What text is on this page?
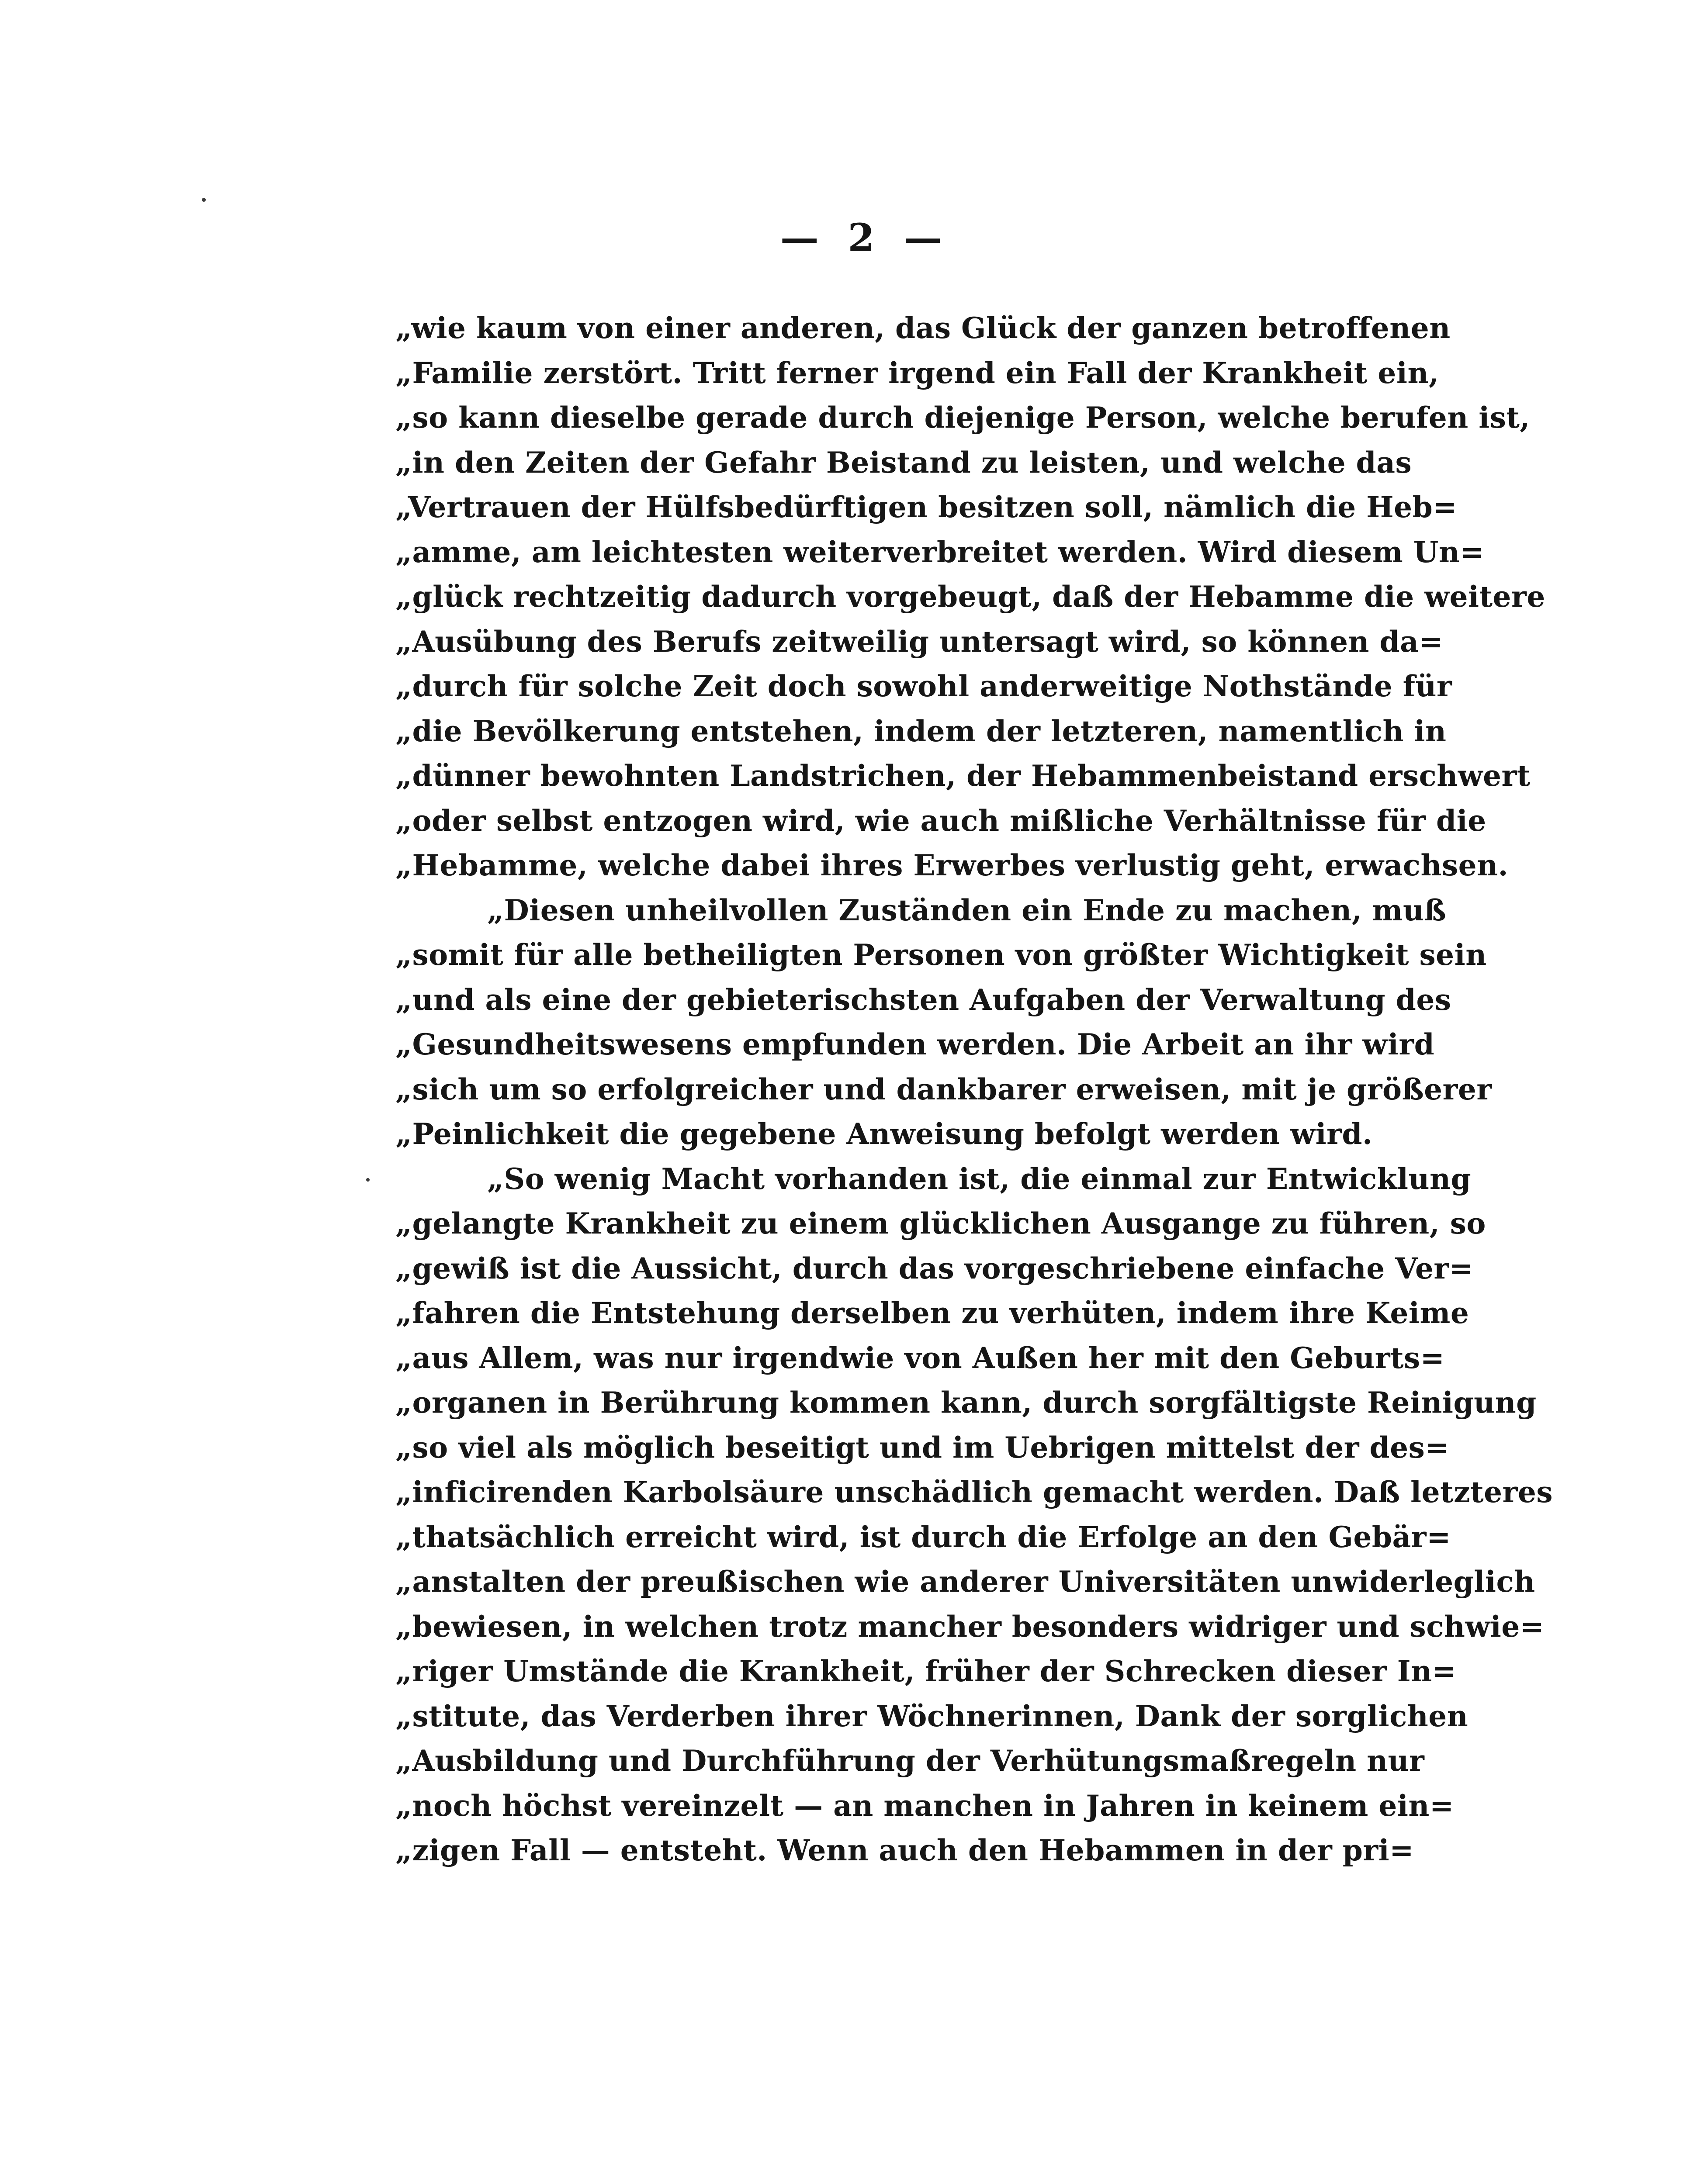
— 2 —
„wie kaum von einer anderen, das Glück der ganzen betroffenen
„Familie zerstört. Tritt ferner irgend ein Fall der Krankheit ein,
„so kann dieselbe gerade durch diejenige Person, welche berufen ist,
„in den Zeiten der Gefahr Beistand zu leisten, und welche das
„Vertrauen der Hülfsbedürftigen besitzen soll, nämlich die Heb=
„amme, am leichtesten weiterverbreitet werden. Wird diesem Un=
„glück rechtzeitig dadurch vorgebeugt, daß der Hebamme die weitere
„Ausübung des Berufs zeitweilig untersagt wird, so können da=
„durch für solche Zeit doch sowohl anderweitige Nothstände für
„die Bevölkerung entstehen, indem der letzteren, namentlich in
„dünner bewohnten Landstrichen, der Hebammenbeistand erschwert
„oder selbst entzogen wird, wie auch mißliche Verhältnisse für die
„Hebamme, welche dabei ihres Erwerbes verlustig geht, erwachsen.
„Diesen unheilvollen Zuständen ein Ende zu machen, muß
„somit für alle betheiligten Personen von größter Wichtigkeit sein
„und als eine der gebieterischsten Aufgaben der Verwaltung des
„Gesundheitswesens empfunden werden. Die Arbeit an ihr wird
„sich um so erfolgreicher und dankbarer erweisen, mit je größerer
„Peinlichkeit die gegebene Anweisung befolgt werden wird.
„So wenig Macht vorhanden ist, die einmal zur Entwicklung
„gelangte Krankheit zu einem glücklichen Ausgange zu führen, so
„gewiß ist die Aussicht, durch das vorgeschriebene einfache Ver=
„fahren die Entstehung derselben zu verhüten, indem ihre Keime
„aus Allem, was nur irgendwie von Außen her mit den Geburts=
„organen in Berührung kommen kann, durch sorgfältigste Reinigung
„so viel als möglich beseitigt und im Uebrigen mittelst der des=
„inficirenden Karbolsäure unschädlich gemacht werden. Daß letzteres
„thatsächlich erreicht wird, ist durch die Erfolge an den Gebär=
„anstalten der preußischen wie anderer Universitäten unwiderleglich
„bewiesen, in welchen trotz mancher besonders widriger und schwie=
„riger Umstände die Krankheit, früher der Schrecken dieser In=
„stitute, das Verderben ihrer Wöchnerinnen, Dank der sorglichen
„Ausbildung und Durchführung der Verhütungsmaßregeln nur
„noch höchst vereinzelt — an manchen in Jahren in keinem ein=
„zigen Fall — entsteht. Wenn auch den Hebammen in der pri=
